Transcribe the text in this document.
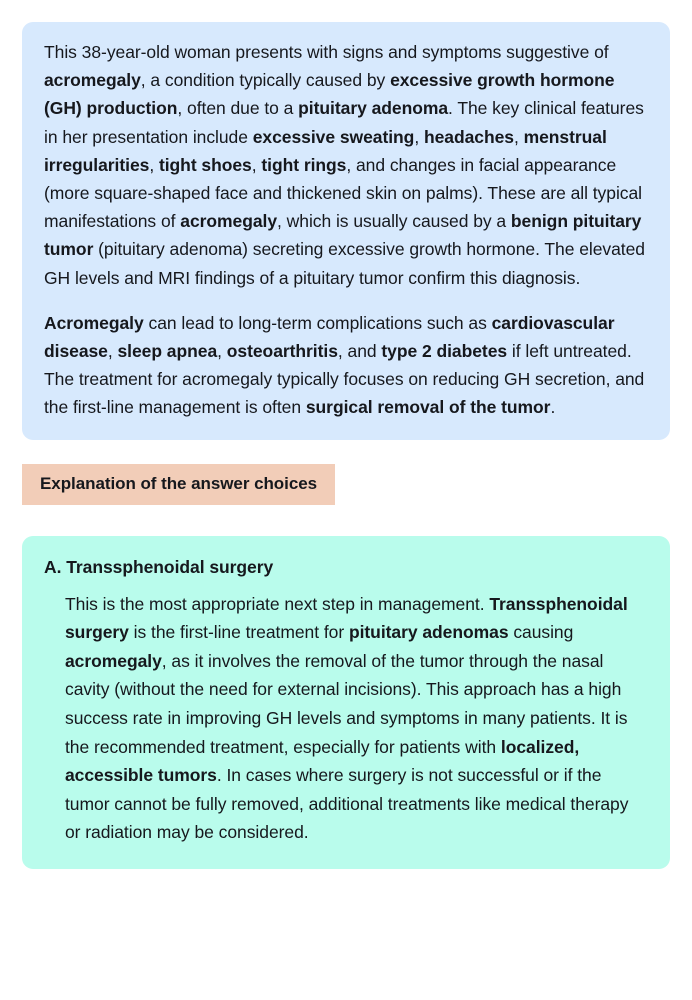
This 38-year-old woman presents with signs and symptoms suggestive of acromegaly, a condition typically caused by excessive growth hormone (GH) production, often due to a pituitary adenoma. The key clinical features in her presentation include excessive sweating, headaches, menstrual irregularities, tight shoes, tight rings, and changes in facial appearance (more square-shaped face and thickened skin on palms). These are all typical manifestations of acromegaly, which is usually caused by a benign pituitary tumor (pituitary adenoma) secreting excessive growth hormone. The elevated GH levels and MRI findings of a pituitary tumor confirm this diagnosis.

Acromegaly can lead to long-term complications such as cardiovascular disease, sleep apnea, osteoarthritis, and type 2 diabetes if left untreated. The treatment for acromegaly typically focuses on reducing GH secretion, and the first-line management is often surgical removal of the tumor.

Explanation of the answer choices
A. Transsphenoidal surgery

This is the most appropriate next step in management. Transsphenoidal surgery is the first-line treatment for pituitary adenomas causing acromegaly, as it involves the removal of the tumor through the nasal cavity (without the need for external incisions). This approach has a high success rate in improving GH levels and symptoms in many patients. It is the recommended treatment, especially for patients with localized, accessible tumors. In cases where surgery is not successful or if the tumor cannot be fully removed, additional treatments like medical therapy or radiation may be considered.
